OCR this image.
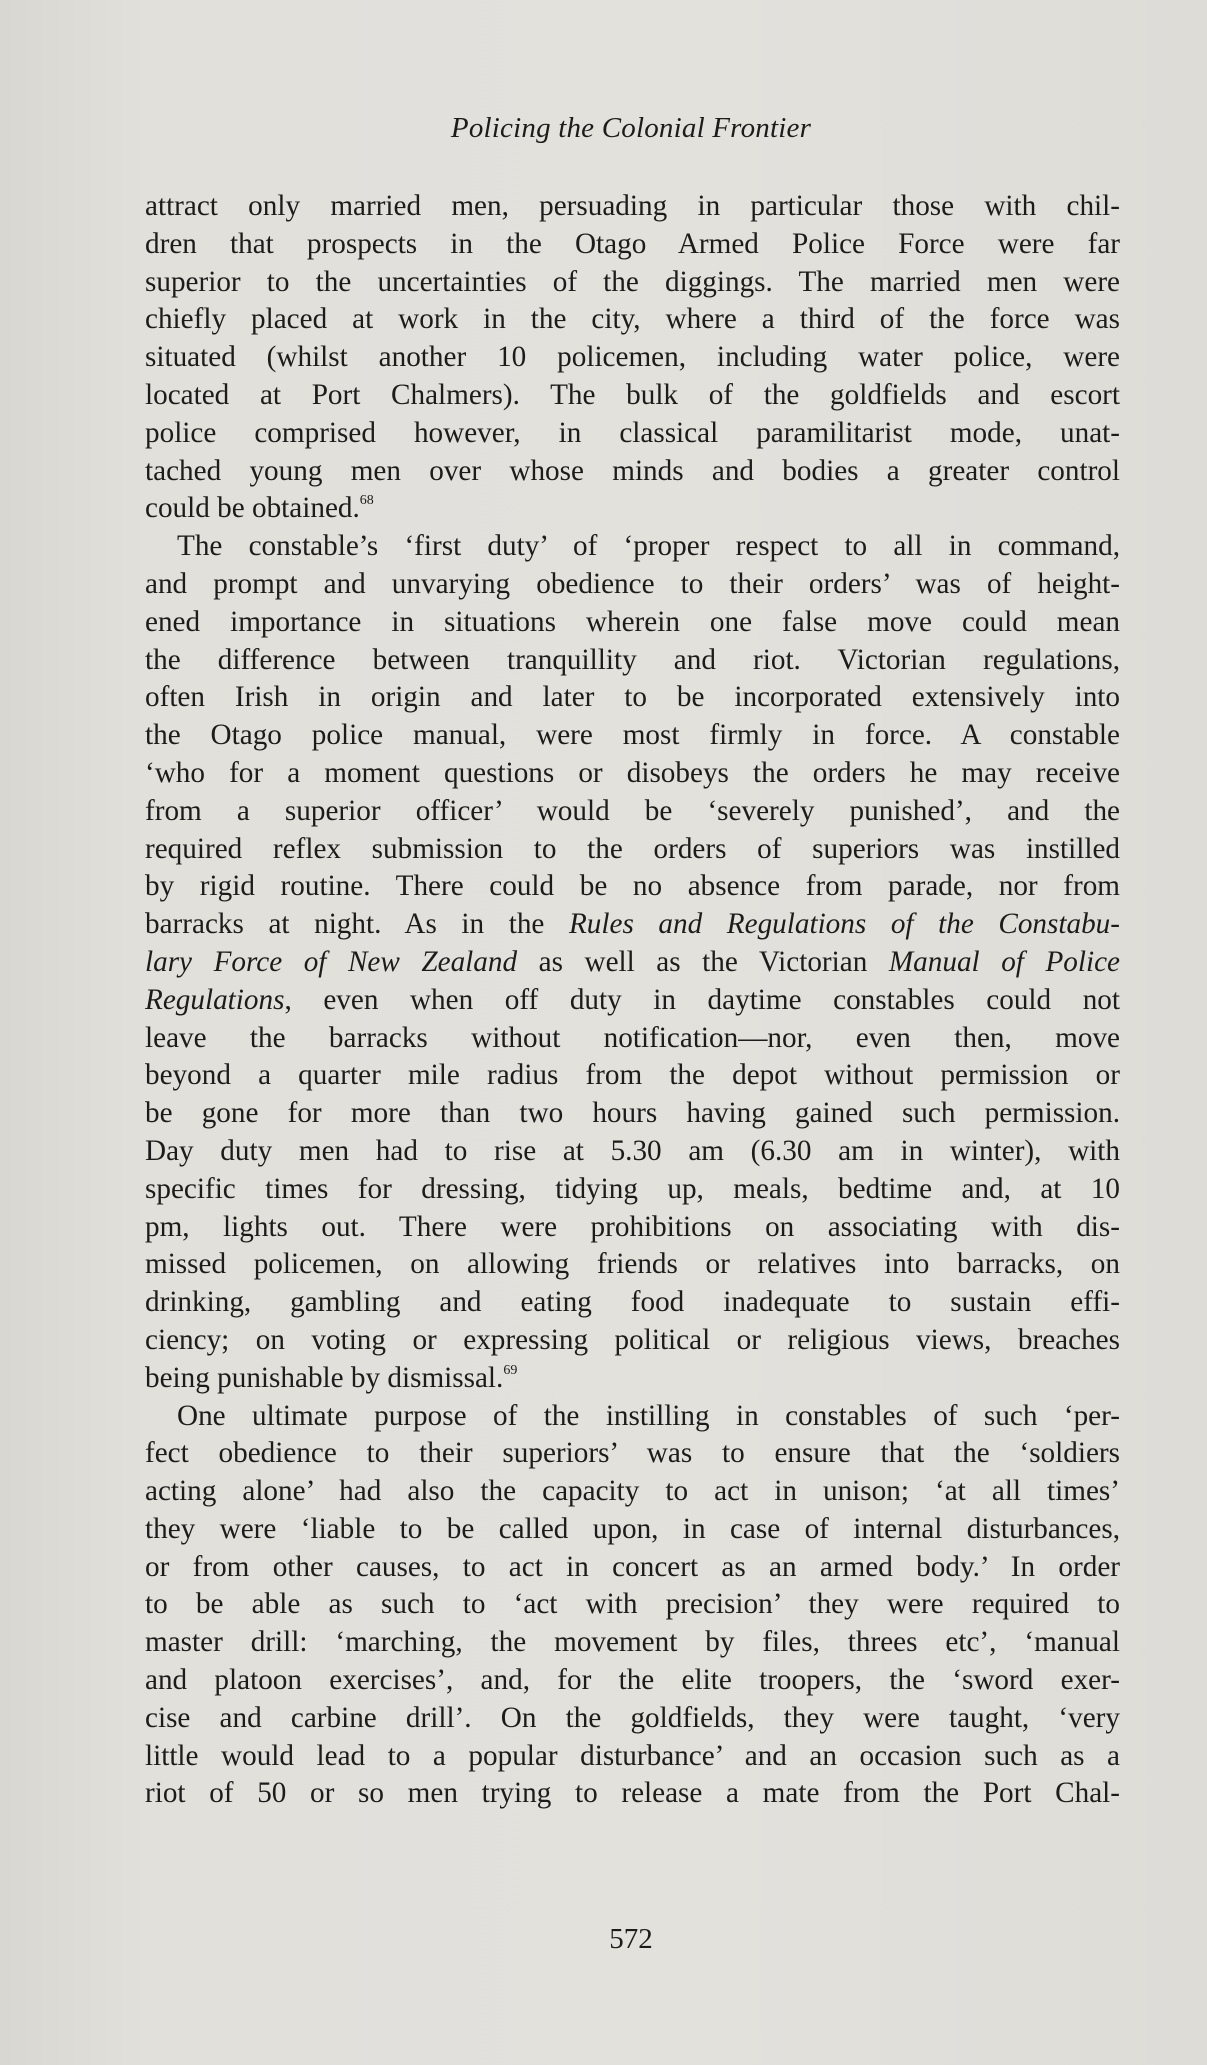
Policing the Colonial Frontier
attract only married men, persuading in particular those with chil-
dren that prospects in the Otago Armed Police Force were far
superior to the uncertainties of the diggings. The married men were
chiefly placed at work in the city, where a third of the force was
situated (whilst another 10 policemen, including water police, were
located at Port Chalmers). The bulk of the goldfields and escort
police comprised however, in classical paramilitarist mode, unat-
tached young men over whose minds and bodies a greater control
could be obtained.$^{68}$
The constable’s ‘first duty’ of ‘proper respect to all in command,
and prompt and unvarying obedience to their orders’ was of height-
ened importance in situations wherein one false move could mean
the difference between tranquillity and riot. Victorian regulations,
often Irish in origin and later to be incorporated extensively into
the Otago police manual, were most firmly in force. A constable
‘who for a moment questions or disobeys the orders he may receive
from a superior officer’ would be ‘severely punished’, and the
required reflex submission to the orders of superiors was instilled
by rigid routine. There could be no absence from parade, nor from
barracks at night. As in the Rules and Regulations of the Constabu-
lary Force of New Zealand as well as the Victorian Manual of Police
Regulations, even when off duty in daytime constables could not
leave the barracks without notification—nor, even then, move
beyond a quarter mile radius from the depot without permission or
be gone for more than two hours having gained such permission.
Day duty men had to rise at 5.30 am (6.30 am in winter), with
specific times for dressing, tidying up, meals, bedtime and, at 10
pm, lights out. There were prohibitions on associating with dis-
missed policemen, on allowing friends or relatives into barracks, on
drinking, gambling and eating food inadequate to sustain effi-
ciency; on voting or expressing political or religious views, breaches
being punishable by dismissal.$^{69}$
One ultimate purpose of the instilling in constables of such ‘per-
fect obedience to their superiors’ was to ensure that the ‘soldiers
acting alone’ had also the capacity to act in unison; ‘at all times’
they were ‘liable to be called upon, in case of internal disturbances,
or from other causes, to act in concert as an armed body.’ In order
to be able as such to ‘act with precision’ they were required to
master drill: ‘marching, the movement by files, threes etc’, ‘manual
and platoon exercises’, and, for the elite troopers, the ‘sword exer-
cise and carbine drill’. On the goldfields, they were taught, ‘very
little would lead to a popular disturbance’ and an occasion such as a
riot of 50 or so men trying to release a mate from the Port Chal-
572
